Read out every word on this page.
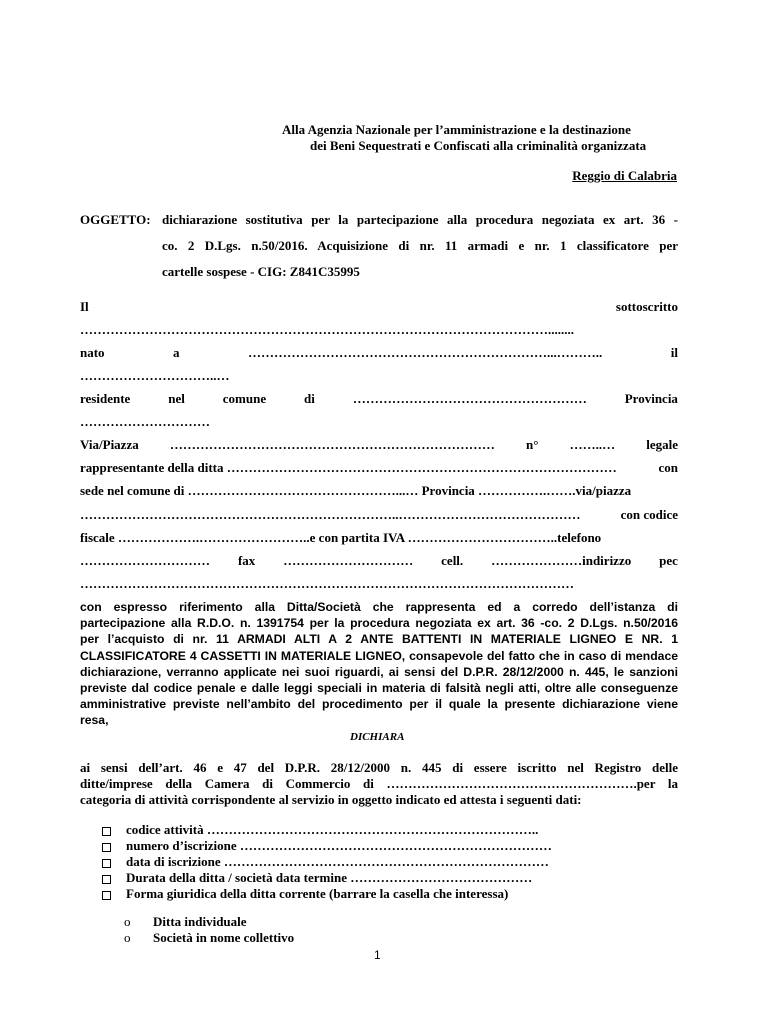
Alla Agenzia Nazionale per l’amministrazione e la destinazione
dei Beni Sequestrati e Confiscati alla criminalità organizzata
Reggio di Calabria
OGGETTO: dichiarazione sostitutiva per la partecipazione alla procedura negoziata ex art. 36 -
co. 2 D.Lgs. n.50/2016. Acquisizione di nr. 11 armadi e nr. 1 classificatore per
cartelle sospese - CIG: Z841C35995
Il	sottoscritto
………………………………………………………………………………………………........
nato	a	……………………………………………………………...………..	il
…………………………..…
residente	nel	comune	di	………………………………………………	Provincia
…………………………
Via/Piazza ………………………………………………………………… n° ……..… legale
rappresentante della ditta ………………………………………………………………………………	con
sede nel comune di …………………………………………...… Provincia …………….…….via/piazza
………………………………………………………………..……………………………………	con codice
fiscale ……………….……………………..e con partita IVA ……………………………..telefono
………………………… fax ………………………… cell. …………………indirizzo pec
……………………………………………………………………………………………………
con espresso riferimento alla Ditta/Società che rappresenta ed a corredo dell’istanza di
partecipazione alla R.D.O. n. 1391754 per la procedura negoziata ex art. 36 -co. 2 D.Lgs. n.50/2016
per l’acquisto di nr. 11 ARMADI ALTI A 2 ANTE BATTENTI IN MATERIALE LIGNEO E NR. 1
CLASSIFICATORE 4 CASSETTI IN MATERIALE LIGNEO, consapevole del fatto che in caso di mendace
dichiarazione, verranno applicate nei suoi riguardi, ai sensi del D.P.R. 28/12/2000 n. 445, le sanzioni
previste dal codice penale e dalle leggi speciali in materia di falsità negli atti, oltre alle conseguenze
amministrative previste nell’ambito del procedimento per il quale la presente dichiarazione viene
resa,
DICHIARA
ai sensi dell’art. 46 e 47 del D.P.R. 28/12/2000 n. 445 di essere iscritto nel Registro delle
ditte/imprese della Camera di Commercio di ………………………………………………….per la
categoria di attività corrispondente al servizio in oggetto indicato ed attesta i seguenti dati:
codice attività …………………………………………………………………..
numero d’iscrizione ………………………………………………………………
data di iscrizione …………………………………………………………………
Durata della ditta / società data termine ……………………………………
Forma giuridica della ditta corrente (barrare la casella che interessa)
o Ditta individuale
o Società in nome collettivo
1
